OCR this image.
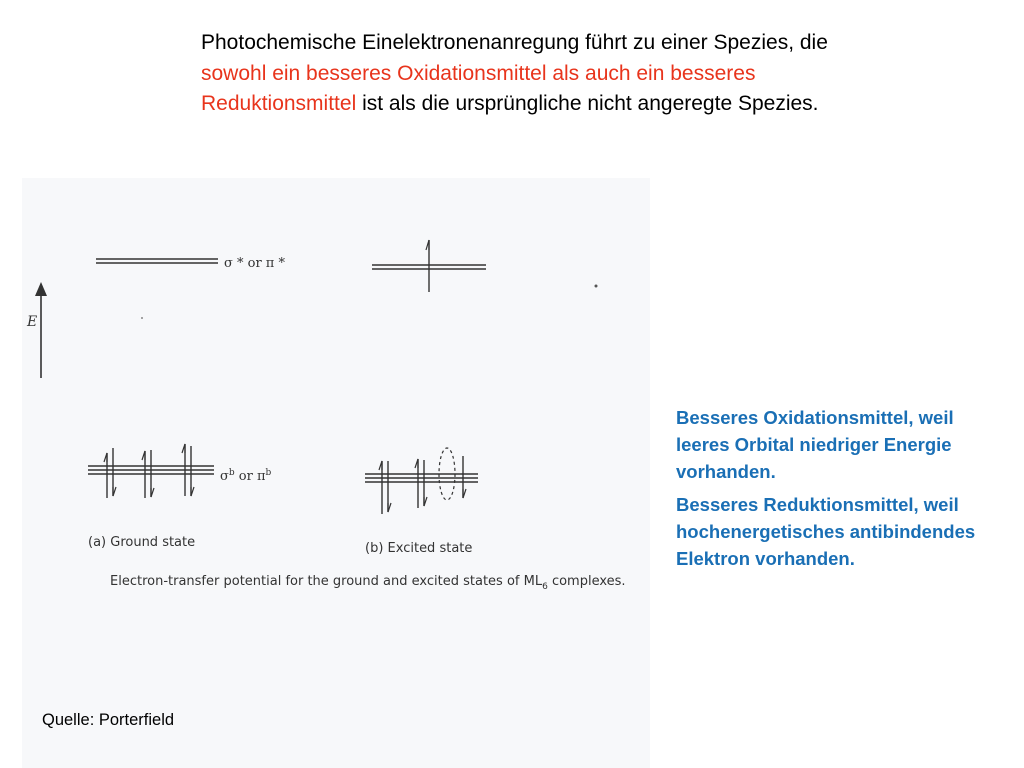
Photochemische Einelektronenanregung führt zu einer Spezies, die sowohl ein besseres Oxidationsmittel als auch ein besseres Reduktionsmittel ist als die ursprüngliche nicht angeregte Spezies.
E
σ * or π *
$\sigma^b$ or $\pi^b$
(a) Ground state	(b) Excited state
Electron-transfer potential for the ground and excited states of $ML_6$ complexes.

Besseres Oxidationsmittel, weil leeres Orbital niedriger Energie vorhanden.

Besseres Reduktionsmittel, weil hochenergetisches antibindendes Elektron vorhanden.

Quelle: Porterfield
